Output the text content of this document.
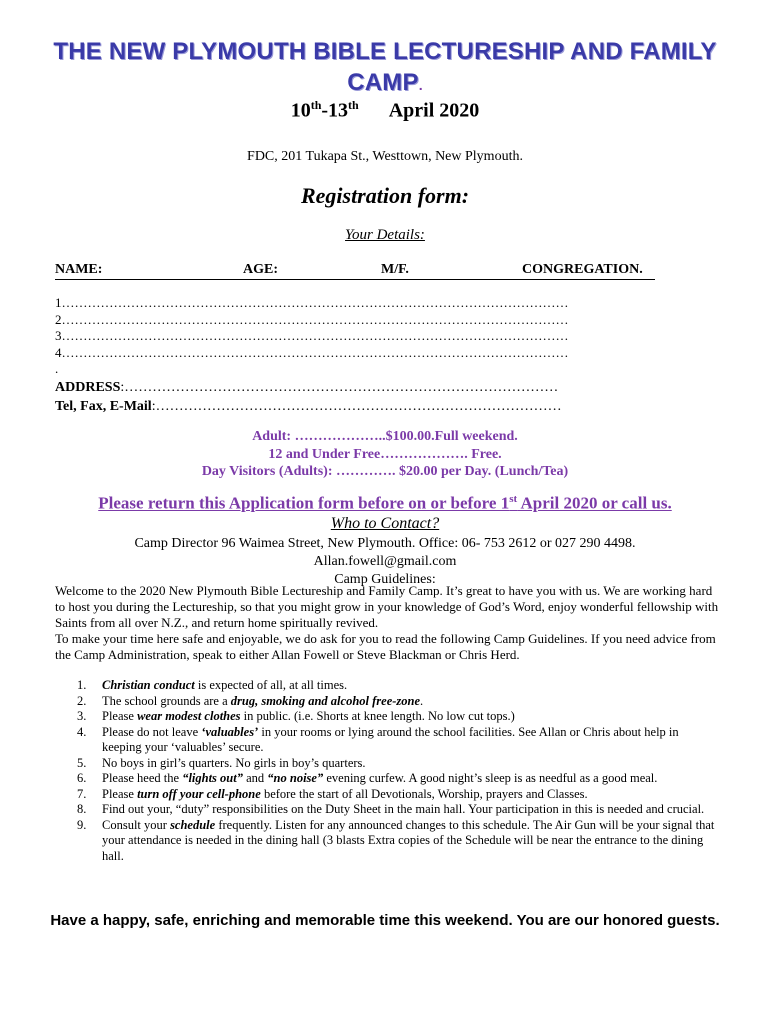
THE NEW PLYMOUTH BIBLE LECTURESHIP AND FAMILY CAMP.
10th-13th April 2020
FDC, 201 Tukapa St., Westtown, New Plymouth.
Registration form:
Your Details:
NAME:	AGE:	M/F.	CONGREGATION.
1………………………………………………………………………………………………………
2………………………………………………………………………………………………………
3………………………………………………………………………………………………………
4………………………………………………………………………………………………………
.
ADDRESS:…………………………………………………………………………………
Tel, Fax, E-Mail:……………………………………………………………………………
Adult: ………………..$100.00.Full weekend.
12 and Under Free………………. Free.
Day Visitors (Adults): …………. $20.00 per Day. (Lunch/Tea)
Please return this Application form before on or before 1st April 2020 or call us.
Who to Contact?
Camp Director 96 Waimea Street, New Plymouth. Office: 06- 753 2612 or 027 290 4498.
Allan.fowell@gmail.com
Camp Guidelines:

Welcome to the 2020 New Plymouth Bible Lectureship and Family Camp. It’s great to have you with us. We are working hard to host you during the Lectureship, so that you might grow in your knowledge of God’s Word, enjoy wonderful fellowship with Saints from all over N.Z., and return home spiritually revived.

To make your time here safe and enjoyable, we do ask for you to read the following Camp Guidelines. If you need advice from the Camp Administration, speak to either Allan Fowell or Steve Blackman or Chris Herd.

1. Christian conduct is expected of all, at all times.
2. The school grounds are a drug, smoking and alcohol free-zone.
3. Please wear modest clothes in public. (i.e. Shorts at knee length. No low cut tops.)
4. Please do not leave ‘valuables’ in your rooms or lying around the school facilities. See Allan or Chris about help in keeping your ‘valuables’ secure.
5. No boys in girl’s quarters. No girls in boy’s quarters.
6. Please heed the “lights out” and “no noise” evening curfew. A good night’s sleep is as needful as a good meal.
7. Please turn off your cell-phone before the start of all Devotionals, Worship, prayers and Classes.
8. Find out your, “duty” responsibilities on the Duty Sheet in the main hall. Your participation in this is needed and crucial.
9. Consult your schedule frequently. Listen for any announced changes to this schedule. The Air Gun will be your signal that your attendance is needed in the dining hall (3 blasts Extra copies of the Schedule will be near the entrance to the dining hall.
Have a happy, safe, enriching and memorable time this weekend. You are our honored guests.
